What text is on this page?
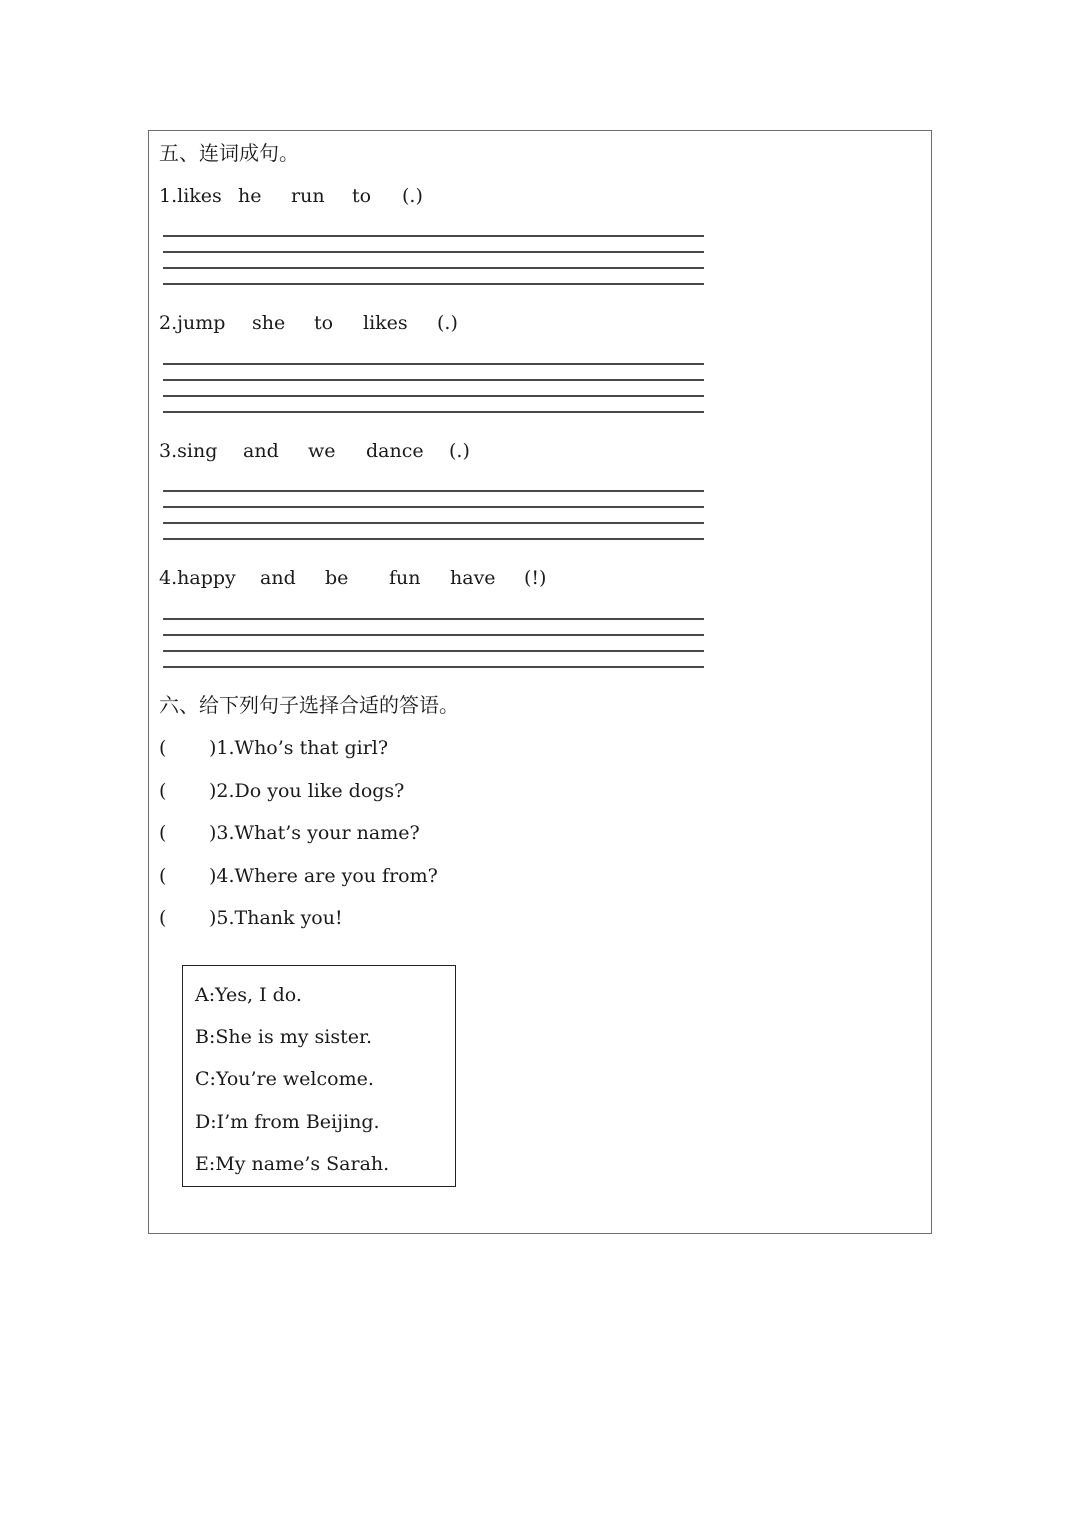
五、连词成句。
1.likes he run to (.)
2.jump she to likes (.)
3.sing and we dance (.)
4.happy and be fun have (!)
六、给下列句子选择合适的答语。
( )1.Who’s that girl?
( )2.Do you like dogs?
( )3.What’s your name?
( )4.Where are you from?
( )5.Thank you!
A:Yes, I do.
B:She is my sister.
C:You’re welcome.
D:I’m from Beijing.
E:My name’s Sarah.
